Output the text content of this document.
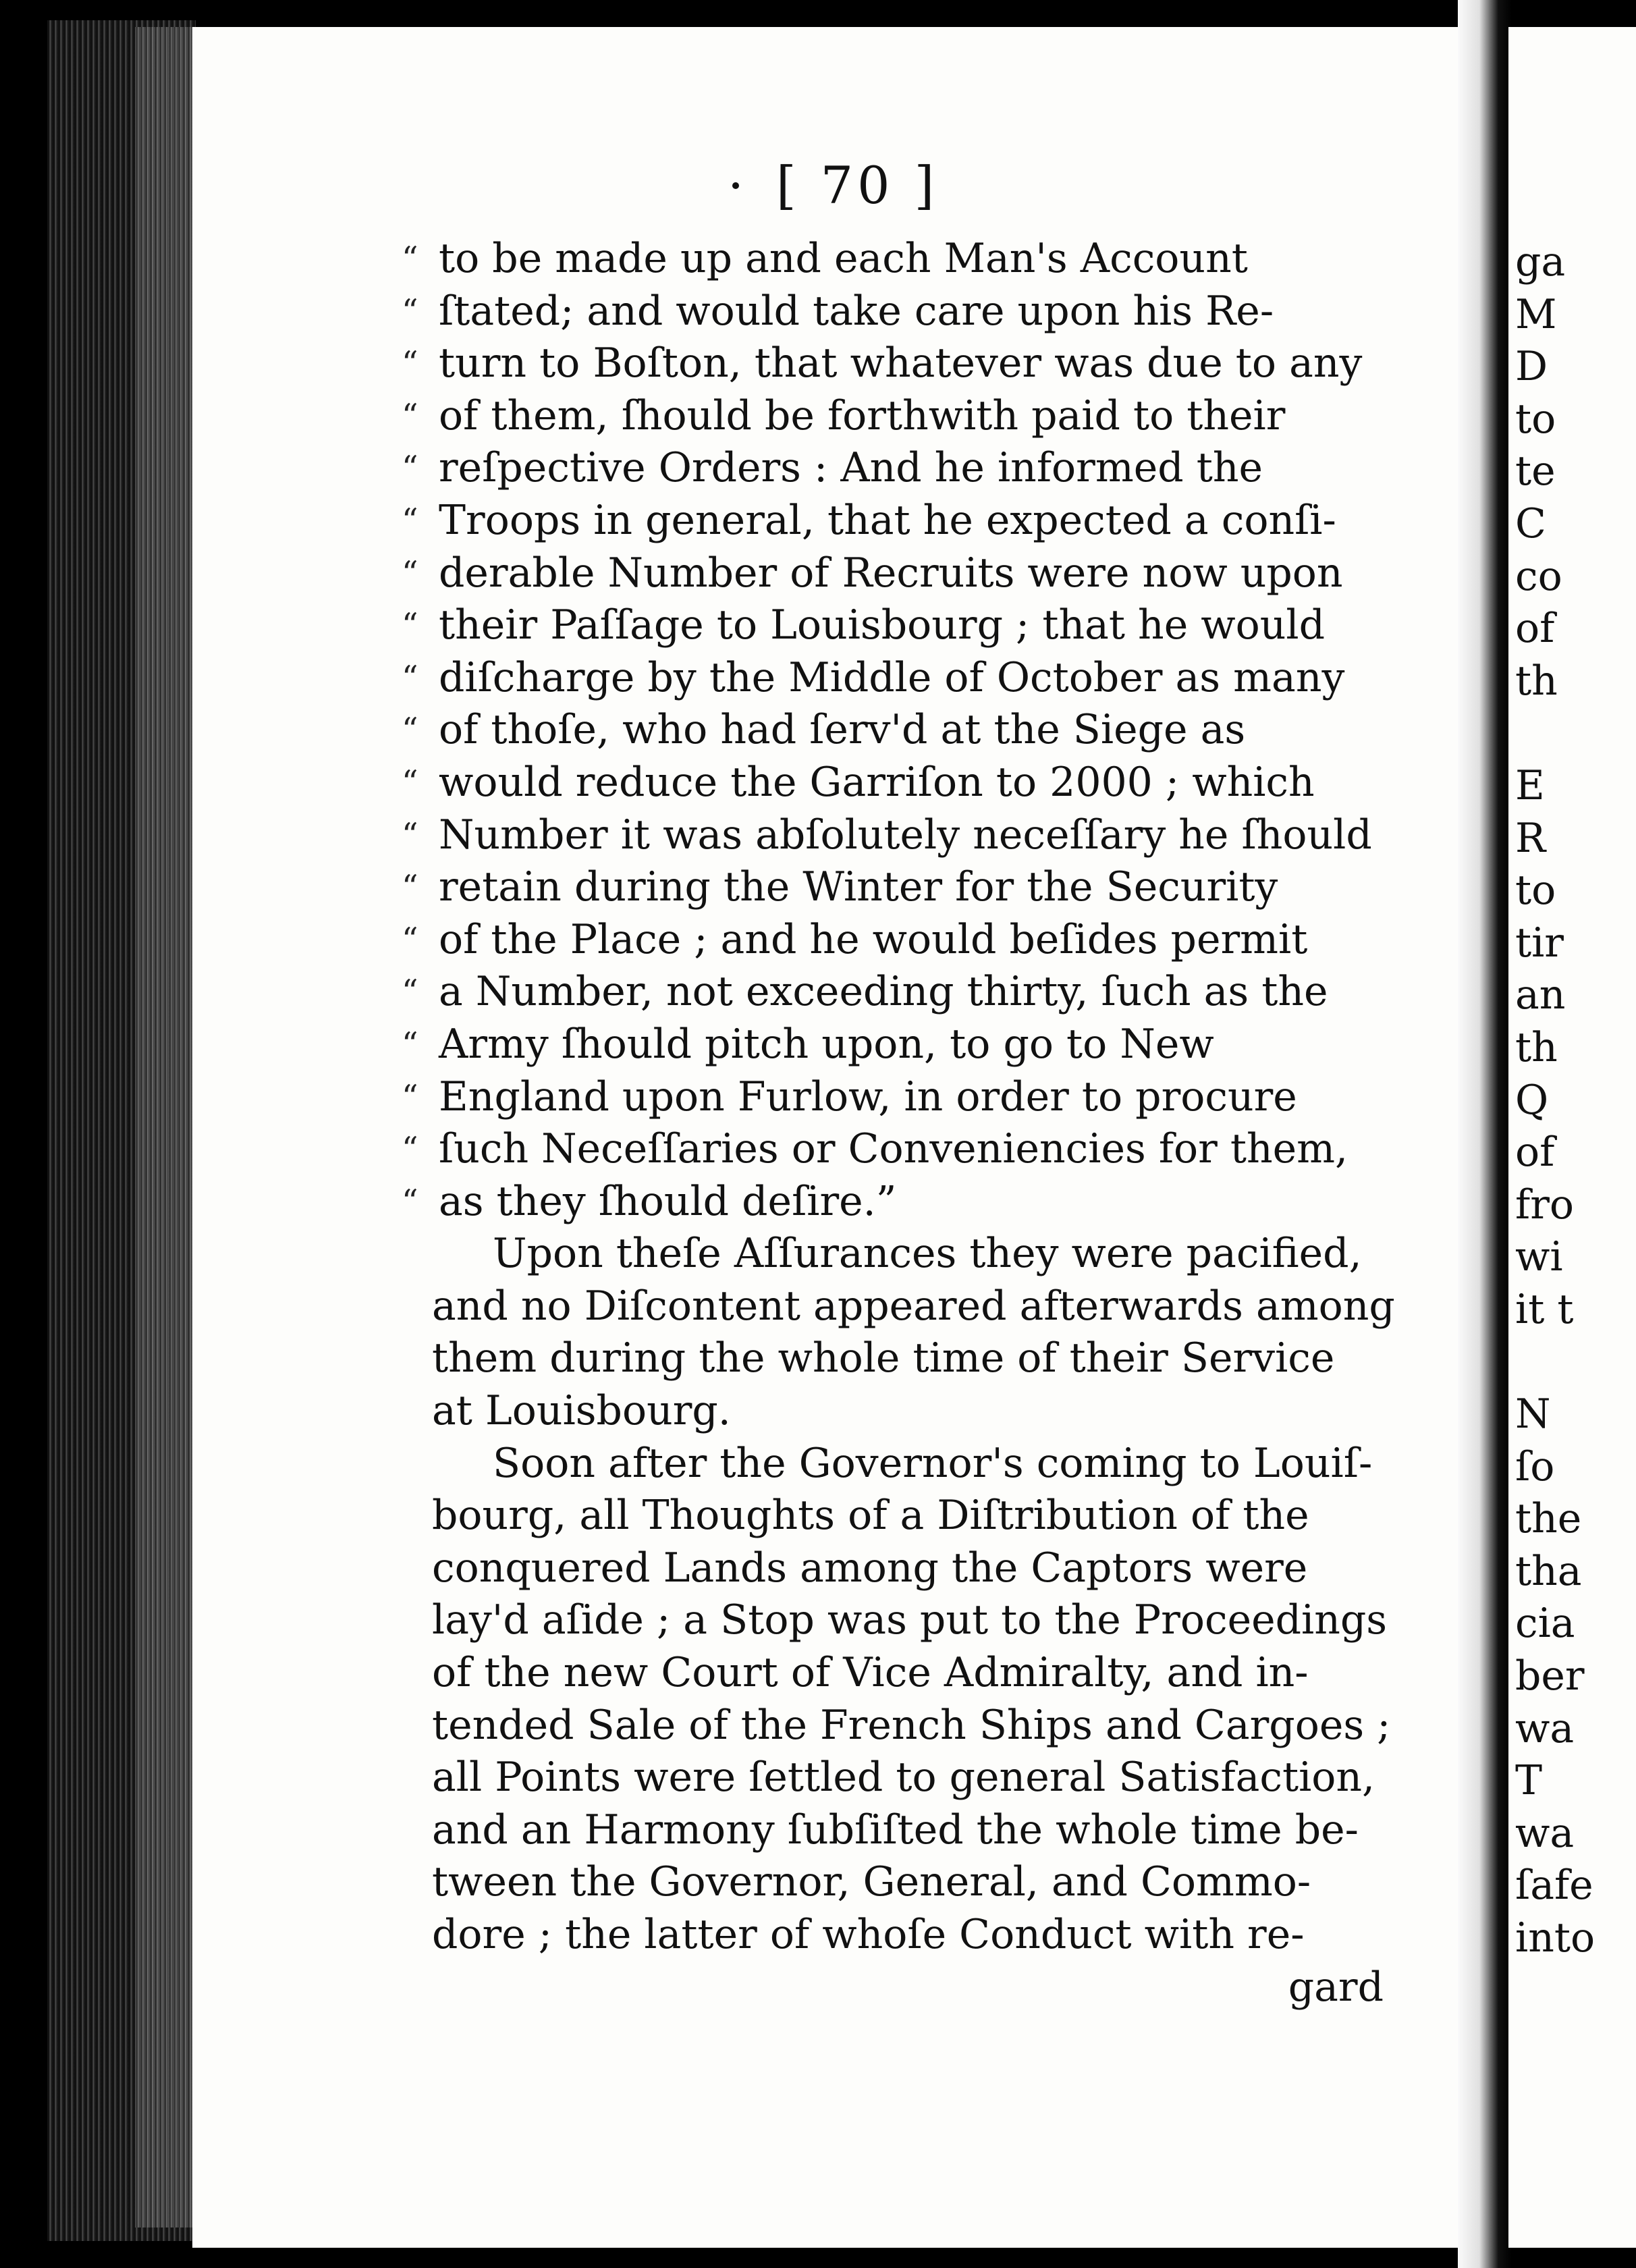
ga
M
D
to
te
C
co
of
th
E
R
to
tir
an
th
Q
of
fro
wi
it t
N
ſo
the
tha
cia
ber
wa
T
wa
ſafe
into
[ 70 ]
“ to be made up and each Man's Account
“ ſtated; and would take care upon his Re-
“ turn to Boſton, that whatever was due to any
“ of them, ſhould be forthwith paid to their
“ reſpective Orders : And he informed the
“ Troops in general, that he expected a conſi-
“ derable Number of Recruits were now upon
“ their Paſſage to Louisbourg ; that he would
“ diſcharge by the Middle of October as many
“ of thoſe, who had ſerv'd at the Siege as
“ would reduce the Garriſon to 2000 ; which
“ Number it was abſolutely neceſſary he ſhould
“ retain during the Winter for the Security
“ of the Place ; and he would beſides permit
“ a Number, not exceeding thirty, ſuch as the
“ Army ſhould pitch upon, to go to New
“ England upon Furlow, in order to procure
“ ſuch Neceſſaries or Conveniencies for them,
“ as they ſhould deſire.”
Upon theſe Aſſurances they were pacified,
and no Diſcontent appeared afterwards among
them during the whole time of their Service
at Louisbourg.
Soon after the Governor's coming to Louiſ-
bourg, all Thoughts of a Diſtribution of the
conquered Lands among the Captors were
lay'd aſide ; a Stop was put to the Proceedings
of the new Court of Vice Admiralty, and in-
tended Sale of the French Ships and Cargoes ;
all Points were ſettled to general Satisfaction,
and an Harmony ſubſiſted the whole time be-
tween the Governor, General, and Commo-
dore ; the latter of whoſe Conduct with re-
gard
